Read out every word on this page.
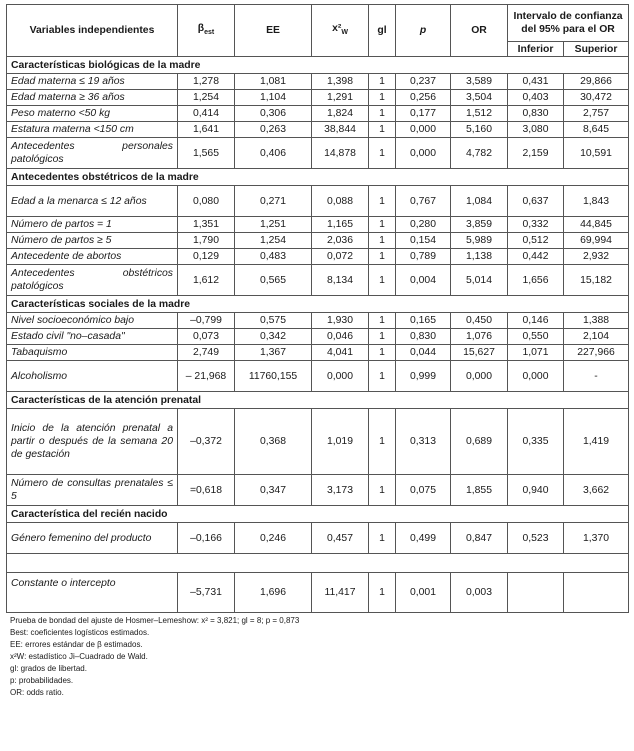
Variables independientes	$\beta_{est}$	EE	$x^2_W$	gl	p	OR	Intervalo de confianza del 95% para el OR	
							Inferior	Superior
Características biológicas de la madre								
Edad materna ≤ 19 años	1,278	1,081	1,398	1	0,237	3,589	0,431	29,866
Edad materna ≥ 36 años	1,254	1,104	1,291	1	0,256	3,504	0,403	30,472
Peso materno <50 kg	0,414	0,306	1,824	1	0,177	1,512	0,830	2,757
Estatura materna <150 cm	1,641	0,263	38,844	1	0,000	5,160	3,080	8,645
Antecedentes personales patológicos	1,565	0,406	14,878	1	0,000	4,782	2,159	10,591
Antecedentes obstétricos de la madre								
Edad a la menarca ≤ 12 años	0,080	0,271	0,088	1	0,767	1,084	0,637	1,843
Número de partos = 1	1,351	1,251	1,165	1	0,280	3,859	0,332	44,845
Número de partos ≥ 5	1,790	1,254	2,036	1	0,154	5,989	0,512	69,994
Antecedente de abortos	0,129	0,483	0,072	1	0,789	1,138	0,442	2,932
Antecedentes obstétricos patológicos	1,612	0,565	8,134	1	0,004	5,014	1,656	15,182
Características sociales de la madre								
Nivel socioeconómico bajo	–0,799	0,575	1,930	1	0,165	0,450	0,146	1,388
Estado civil "no–casada"	0,073	0,342	0,046	1	0,830	1,076	0,550	2,104
Tabaquismo	2,749	1,367	4,041	1	0,044	15,627	1,071	227,966
Alcoholismo	– 21,968	11760,155	0,000	1	0,999	0,000	0,000	-
Características de la atención prenatal								
Inicio de la atención prenatal a partir o después de la semana 20 de gestación	–0,372	0,368	1,019	1	0,313	0,689	0,335	1,419
Número de consultas prenatales ≤ 5	=0,618	0,347	3,173	1	0,075	1,855	0,940	3,662
Característica del recién nacido								
Género femenino del producto	–0,166	0,246	0,457	1	0,499	0,847	0,523	1,370

Constante o intercepto	–5,731	1,696	11,417	1	0,001	0,003		
Prueba de bondad del ajuste de Hosmer–Lemeshow: x² = 3,821; gl = 8; p = 0,873
Best: coeficientes logísticos estimados.
EE: errores estándar de β estimados.
x²W: estadístico Ji–Cuadrado de Wald.
gl: grados de libertad.
p: probabilidades.
OR: odds ratio.
